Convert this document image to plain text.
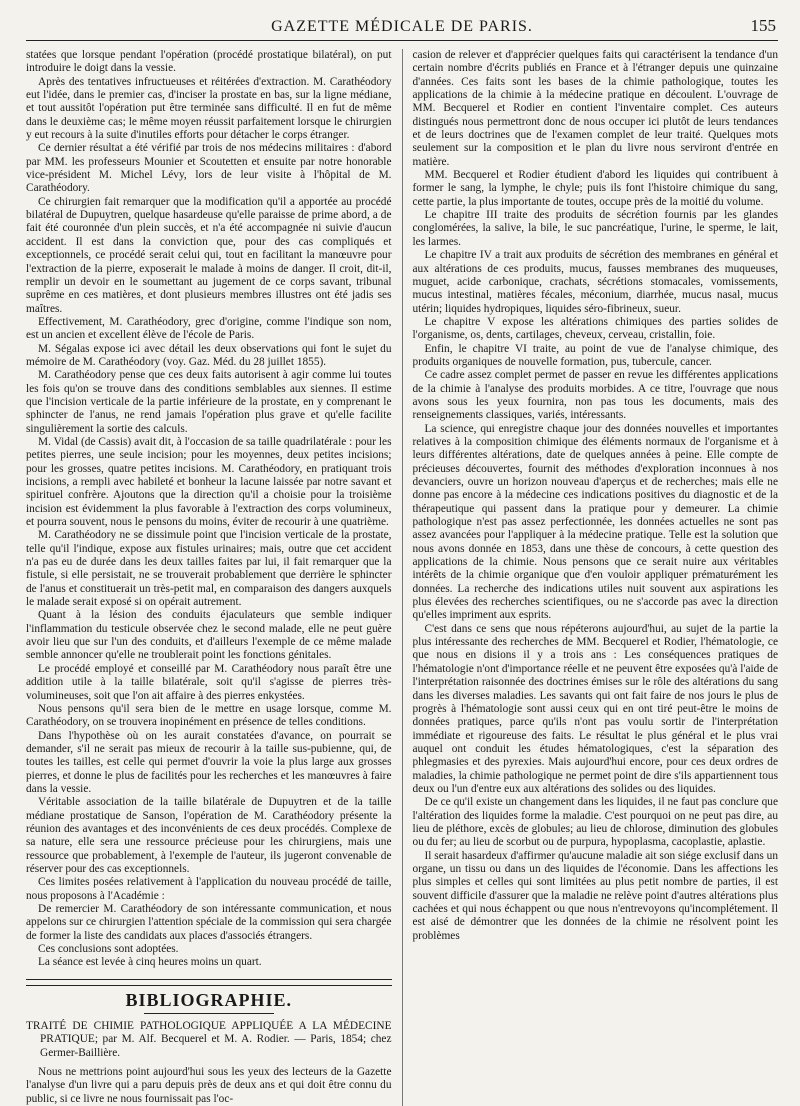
GAZETTE MÉDICALE DE PARIS.	155

statées que lorsque pendant l'opération (procédé prostatique bilatéral), on put introduire le doigt dans la vessie.

Après des tentatives infructueuses et réitérées d'extraction. M. Carathéodory eut l'idée, dans le premier cas, d'inciser la prostate en bas, sur la ligne médiane, et tout aussitôt l'opération put être terminée sans difficulté. Il en fut de même dans le deuxième cas; le même moyen réussit parfaitement lorsque le chirurgien y eut recours à la suite d'inutiles efforts pour détacher le corps étranger.

Ce dernier résultat a été vérifié par trois de nos médecins militaires : d'abord par MM. les professeurs Mounier et Scoutetten et ensuite par notre honorable vice-président M. Michel Lévy, lors de leur visite à l'hôpital de M. Carathéodory.

Ce chirurgien fait remarquer que la modification qu'il a apportée au procédé bilatéral de Dupuytren, quelque hasardeuse qu'elle paraisse de prime abord, a de fait été couronnée d'un plein succès, et n'a été accompagnée ni suivie d'aucun accident. Il est dans la conviction que, pour des cas compliqués et exceptionnels, ce procédé serait celui qui, tout en facilitant la manœuvre pour l'extraction de la pierre, exposerait le malade à moins de danger. Il croit, dit-il, remplir un devoir en le soumettant au jugement de ce corps savant, tribunal suprême en ces matières, et dont plusieurs membres illustres ont été jadis ses maîtres.

Effectivement, M. Carathéodory, grec d'origine, comme l'indique son nom, est un ancien et excellent élève de l'école de Paris.

M. Ségalas expose ici avec détail les deux observations qui font le sujet du mémoire de M. Carathéodory (voy. Gaz. Méd. du 28 juillet 1855).

M. Carathéodory pense que ces deux faits autorisent à agir comme lui toutes les fois qu'on se trouve dans des conditions semblables aux siennes. Il estime que l'incision verticale de la partie inférieure de la prostate, en y comprenant le sphincter de l'anus, ne rend jamais l'opération plus grave et qu'elle facilite singulièrement la sortie des calculs.

M. Vidal (de Cassis) avait dit, à l'occasion de sa taille quadrilatérale : pour les petites pierres, une seule incision; pour les moyennes, deux petites incisions; pour les grosses, quatre petites incisions. M. Carathéodory, en pratiquant trois incisions, a rempli avec habileté et bonheur la lacune laissée par notre savant et spirituel confrère. Ajoutons que la direction qu'il a choisie pour la troisième incision est évidemment la plus favorable à l'extraction des corps volumineux, et pourra souvent, nous le pensons du moins, éviter de recourir à une quatrième.

M. Carathéodory ne se dissimule point que l'incision verticale de la prostate, telle qu'il l'indique, expose aux fistules urinaires; mais, outre que cet accident n'a pas eu de durée dans les deux tailles faites par lui, il fait remarquer que la fistule, si elle persistait, ne se trouverait probablement que derrière le sphincter de l'anus et constituerait un très-petit mal, en comparaison des dangers auxquels le malade serait exposé si on opérait autrement.

Quant à la lésion des conduits éjaculateurs que semble indiquer l'inflammation du testicule observée chez le second malade, elle ne peut guère avoir lieu que sur l'un des conduits, et d'ailleurs l'exemple de ce même malade semble annoncer qu'elle ne troublerait point les fonctions génitales.

Le procédé employé et conseillé par M. Carathéodory nous paraît être une addition utile à la taille bilatérale, soit qu'il s'agisse de pierres très-volumineuses, soit que l'on ait affaire à des pierres enkystées.

Nous pensons qu'il sera bien de le mettre en usage lorsque, comme M. Carathéodory, on se trouvera inopinément en présence de telles conditions.

Dans l'hypothèse où on les aurait constatées d'avance, on pourrait se demander, s'il ne serait pas mieux de recourir à la taille sus-pubienne, qui, de toutes les tailles, est celle qui permet d'ouvrir la voie la plus large aux grosses pierres, et donne le plus de facilités pour les recherches et les manœuvres à faire dans la vessie.

Véritable association de la taille bilatérale de Dupuytren et de la taille médiane prostatique de Sanson, l'opération de M. Carathéodory présente la réunion des avantages et des inconvénients de ces deux procédés. Complexe de sa nature, elle sera une ressource précieuse pour les chirurgiens, mais une ressource que probablement, à l'exemple de l'auteur, ils jugeront convenable de réserver pour des cas exceptionnels.

Ces limites posées relativement à l'application du nouveau procédé de taille, nous proposons à l'Académie :

De remercier M. Carathéodory de son intéressante communication, et nous appelons sur ce chirurgien l'attention spéciale de la commission qui sera chargée de former la liste des candidats aux places d'associés étrangers.

Ces conclusions sont adoptées.

La séance est levée à cinq heures moins un quart.

BIBLIOGRAPHIE.

TRAITÉ DE CHIMIE PATHOLOGIQUE APPLIQUÉE A LA MÉDECINE PRATIQUE; par M. Alf. Becquerel et M. A. Rodier. — Paris, 1854; chez Germer-Baillière.

Nous ne mettrions point aujourd'hui sous les yeux des lecteurs de la Gazette l'analyse d'un livre qui a paru depuis près de deux ans et qui doit être connu du public, si ce livre ne nous fournissait pas l'oc-

casion de relever et d'apprécier quelques faits qui caractérisent la tendance d'un certain nombre d'écrits publiés en France et à l'étranger depuis une quinzaine d'années. Ces faits sont les bases de la chimie pathologique, toutes les applications de la chimie à la médecine pratique en découlent. L'ouvrage de MM. Becquerel et Rodier en contient l'inventaire complet. Ces auteurs distingués nous permettront donc de nous occuper ici plutôt de leurs tendances et de leurs doctrines que de l'examen complet de leur traité. Quelques mots seulement sur la composition et le plan du livre nous serviront d'entrée en matière.

MM. Becquerel et Rodier étudient d'abord les liquides qui contribuent à former le sang, la lymphe, le chyle; puis ils font l'histoire chimique du sang, cette partie, la plus importante de toutes, occupe près de la moitié du volume.

Le chapitre III traite des produits de sécrétion fournis par les glandes conglomérées, la salive, la bile, le suc pancréatique, l'urine, le sperme, le lait, les larmes.

Le chapitre IV a trait aux produits de sécrétion des membranes en général et aux altérations de ces produits, mucus, fausses membranes des muqueuses, muguet, acide carbonique, crachats, sécrétions stomacales, vomissements, mucus intestinal, matières fécales, méconium, diarrhée, mucus nasal, mucus utérin; liquides hydropiques, liquides séro-fibrineux, sueur.

Le chapitre V expose les altérations chimiques des parties solides de l'organisme, os, dents, cartilages, cheveux, cerveau, cristallin, foie.

Enfin, le chapitre VI traite, au point de vue de l'analyse chimique, des produits organiques de nouvelle formation, pus, tubercule, cancer.

Ce cadre assez complet permet de passer en revue les différentes applications de la chimie à l'analyse des produits morbides. A ce titre, l'ouvrage que nous avons sous les yeux fournira, non pas tous les documents, mais des renseignements classiques, variés, intéressants.

La science, qui enregistre chaque jour des données nouvelles et importantes relatives à la composition chimique des éléments normaux de l'organisme et à leurs différentes altérations, date de quelques années à peine. Elle compte de précieuses découvertes, fournit des méthodes d'exploration inconnues à nos devanciers, ouvre un horizon nouveau d'aperçus et de recherches; mais elle ne donne pas encore à la médecine ces indications positives du diagnostic et de la thérapeutique qui passent dans la pratique pour y demeurer. La chimie pathologique n'est pas assez perfectionnée, les données actuelles ne sont pas assez avancées pour l'appliquer à la médecine pratique. Telle est la solution que nous avons donnée en 1853, dans une thèse de concours, à cette question des applications de la chimie. Nous pensons que ce serait nuire aux véritables intérêts de la chimie organique que d'en vouloir appliquer prématurément les données. La recherche des indications utiles nuit souvent aux aspirations les plus élevées des recherches scientifiques, ou ne s'accorde pas avec la direction qu'elles impriment aux esprits.

C'est dans ce sens que nous répéterons aujourd'hui, au sujet de la partie la plus intéressante des recherches de MM. Becquerel et Rodier, l'hématologie, ce que nous en disions il y a trois ans : Les conséquences pratiques de l'hématologie n'ont d'importance réelle et ne peuvent être exposées qu'à l'aide de l'interprétation raisonnée des doctrines émises sur le rôle des altérations du sang dans les diverses maladies. Les savants qui ont fait faire de nos jours le plus de progrès à l'hématologie sont aussi ceux qui en ont tiré peut-être le moins de données pratiques, parce qu'ils n'ont pas voulu sortir de l'interprétation immédiate et rigoureuse des faits. Le résultat le plus général et le plus vrai auquel ont conduit les études hématologiques, c'est la séparation des phlegmasies et des pyrexies. Mais aujourd'hui encore, pour ces deux ordres de maladies, la chimie pathologique ne permet point de dire s'ils appartiennent tous deux ou l'un d'entre eux aux altérations des solides ou des liquides.

De ce qu'il existe un changement dans les liquides, il ne faut pas conclure que l'altération des liquides forme la maladie. C'est pourquoi on ne peut pas dire, au lieu de pléthore, excès de globules; au lieu de chlorose, diminution des globules ou du fer; au lieu de scorbut ou de purpura, hypoplasma, cacoplastie, aplastie.

Il serait hasardeux d'affirmer qu'aucune maladie ait son siége exclusif dans un organe, un tissu ou dans un des liquides de l'économie. Dans les affections les plus simples et celles qui sont limitées au plus petit nombre de parties, il est souvent difficile d'assurer que la maladie ne relève point d'autres altérations plus cachées et qui nous échappent ou que nous n'entrevoyons qu'incomplétement. Il est aisé de démontrer que les données de la chimie ne résolvent point les problèmes
